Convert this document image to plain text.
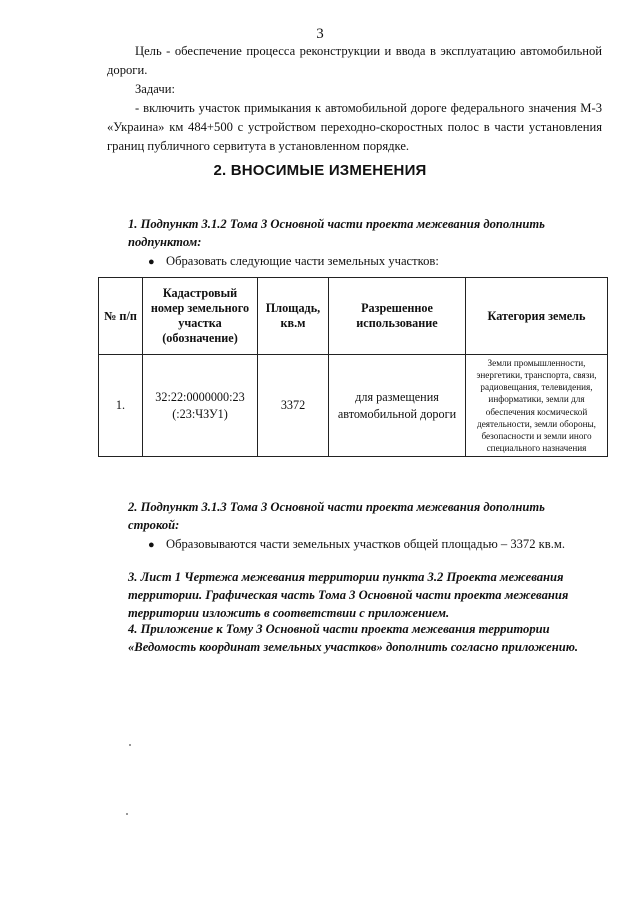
3
Цель - обеспечение процесса реконструкции и ввода в эксплуатацию автомобильной дороги.
Задачи:
- включить участок примыкания к автомобильной дороге федерального значения М-3 «Украина» км 484+500 с устройством переходно-скоростных полос в части установления границ публичного сервитута в установленном порядке.
2. ВНОСИМЫЕ ИЗМЕНЕНИЯ
1. Подпункт 3.1.2 Тома 3 Основной части проекта межевания дополнить подпунктом:
● Образовать следующие части земельных участков:
№ п/п	Кадастровый номер земельного участка (обозначение)	Площадь, кв.м	Разрешенное использование	Категория земель
1.	32:22:0000000:23 (:23:ЧЗУ1)	3372	для размещения автомобильной дороги	Земли промышленности, энергетики, транспорта, связи, радиовещания, телевидения, информатики, земли для обеспечения космической деятельности, земли обороны, безопасности и земли иного специального назначения
2. Подпункт 3.1.3 Тома 3 Основной части проекта межевания дополнить строкой:
● Образовываются части земельных участков общей площадью – 3372 кв.м.
3. Лист 1 Чертежа межевания территории пункта 3.2 Проекта межевания территории. Графическая часть Тома 3 Основной части проекта межевания территории изложить в соответствии с приложением.
4. Приложение к Тому 3 Основной части проекта межевания территории «Ведомость координат земельных участков» дополнить согласно приложению.
